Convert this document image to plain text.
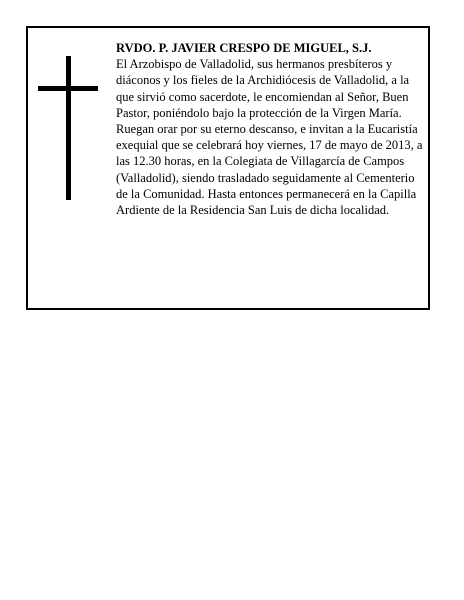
RVDO. P. JAVIER CRESPO DE MIGUEL, S.J.

El Arzobispo de Valladolid, sus hermanos presbíteros y diáconos y los fieles de la Archidiócesis de Valladolid, a la que sirvió como sacerdote, le encomiendan al Señor, Buen Pastor, poniéndolo bajo la protección de la Virgen María.

Ruegan orar por su eterno descanso, e invitan a la Eucaristía exequial que se celebrará hoy viernes, 17 de mayo de 2013, a las 12.30 horas, en la Colegiata de Villagarcía de Campos (Valladolid), siendo trasladado seguidamente al Cementerio de la Comunidad. Hasta entonces permanecerá en la Capilla Ardiente de la Residencia San Luis de dicha localidad.
